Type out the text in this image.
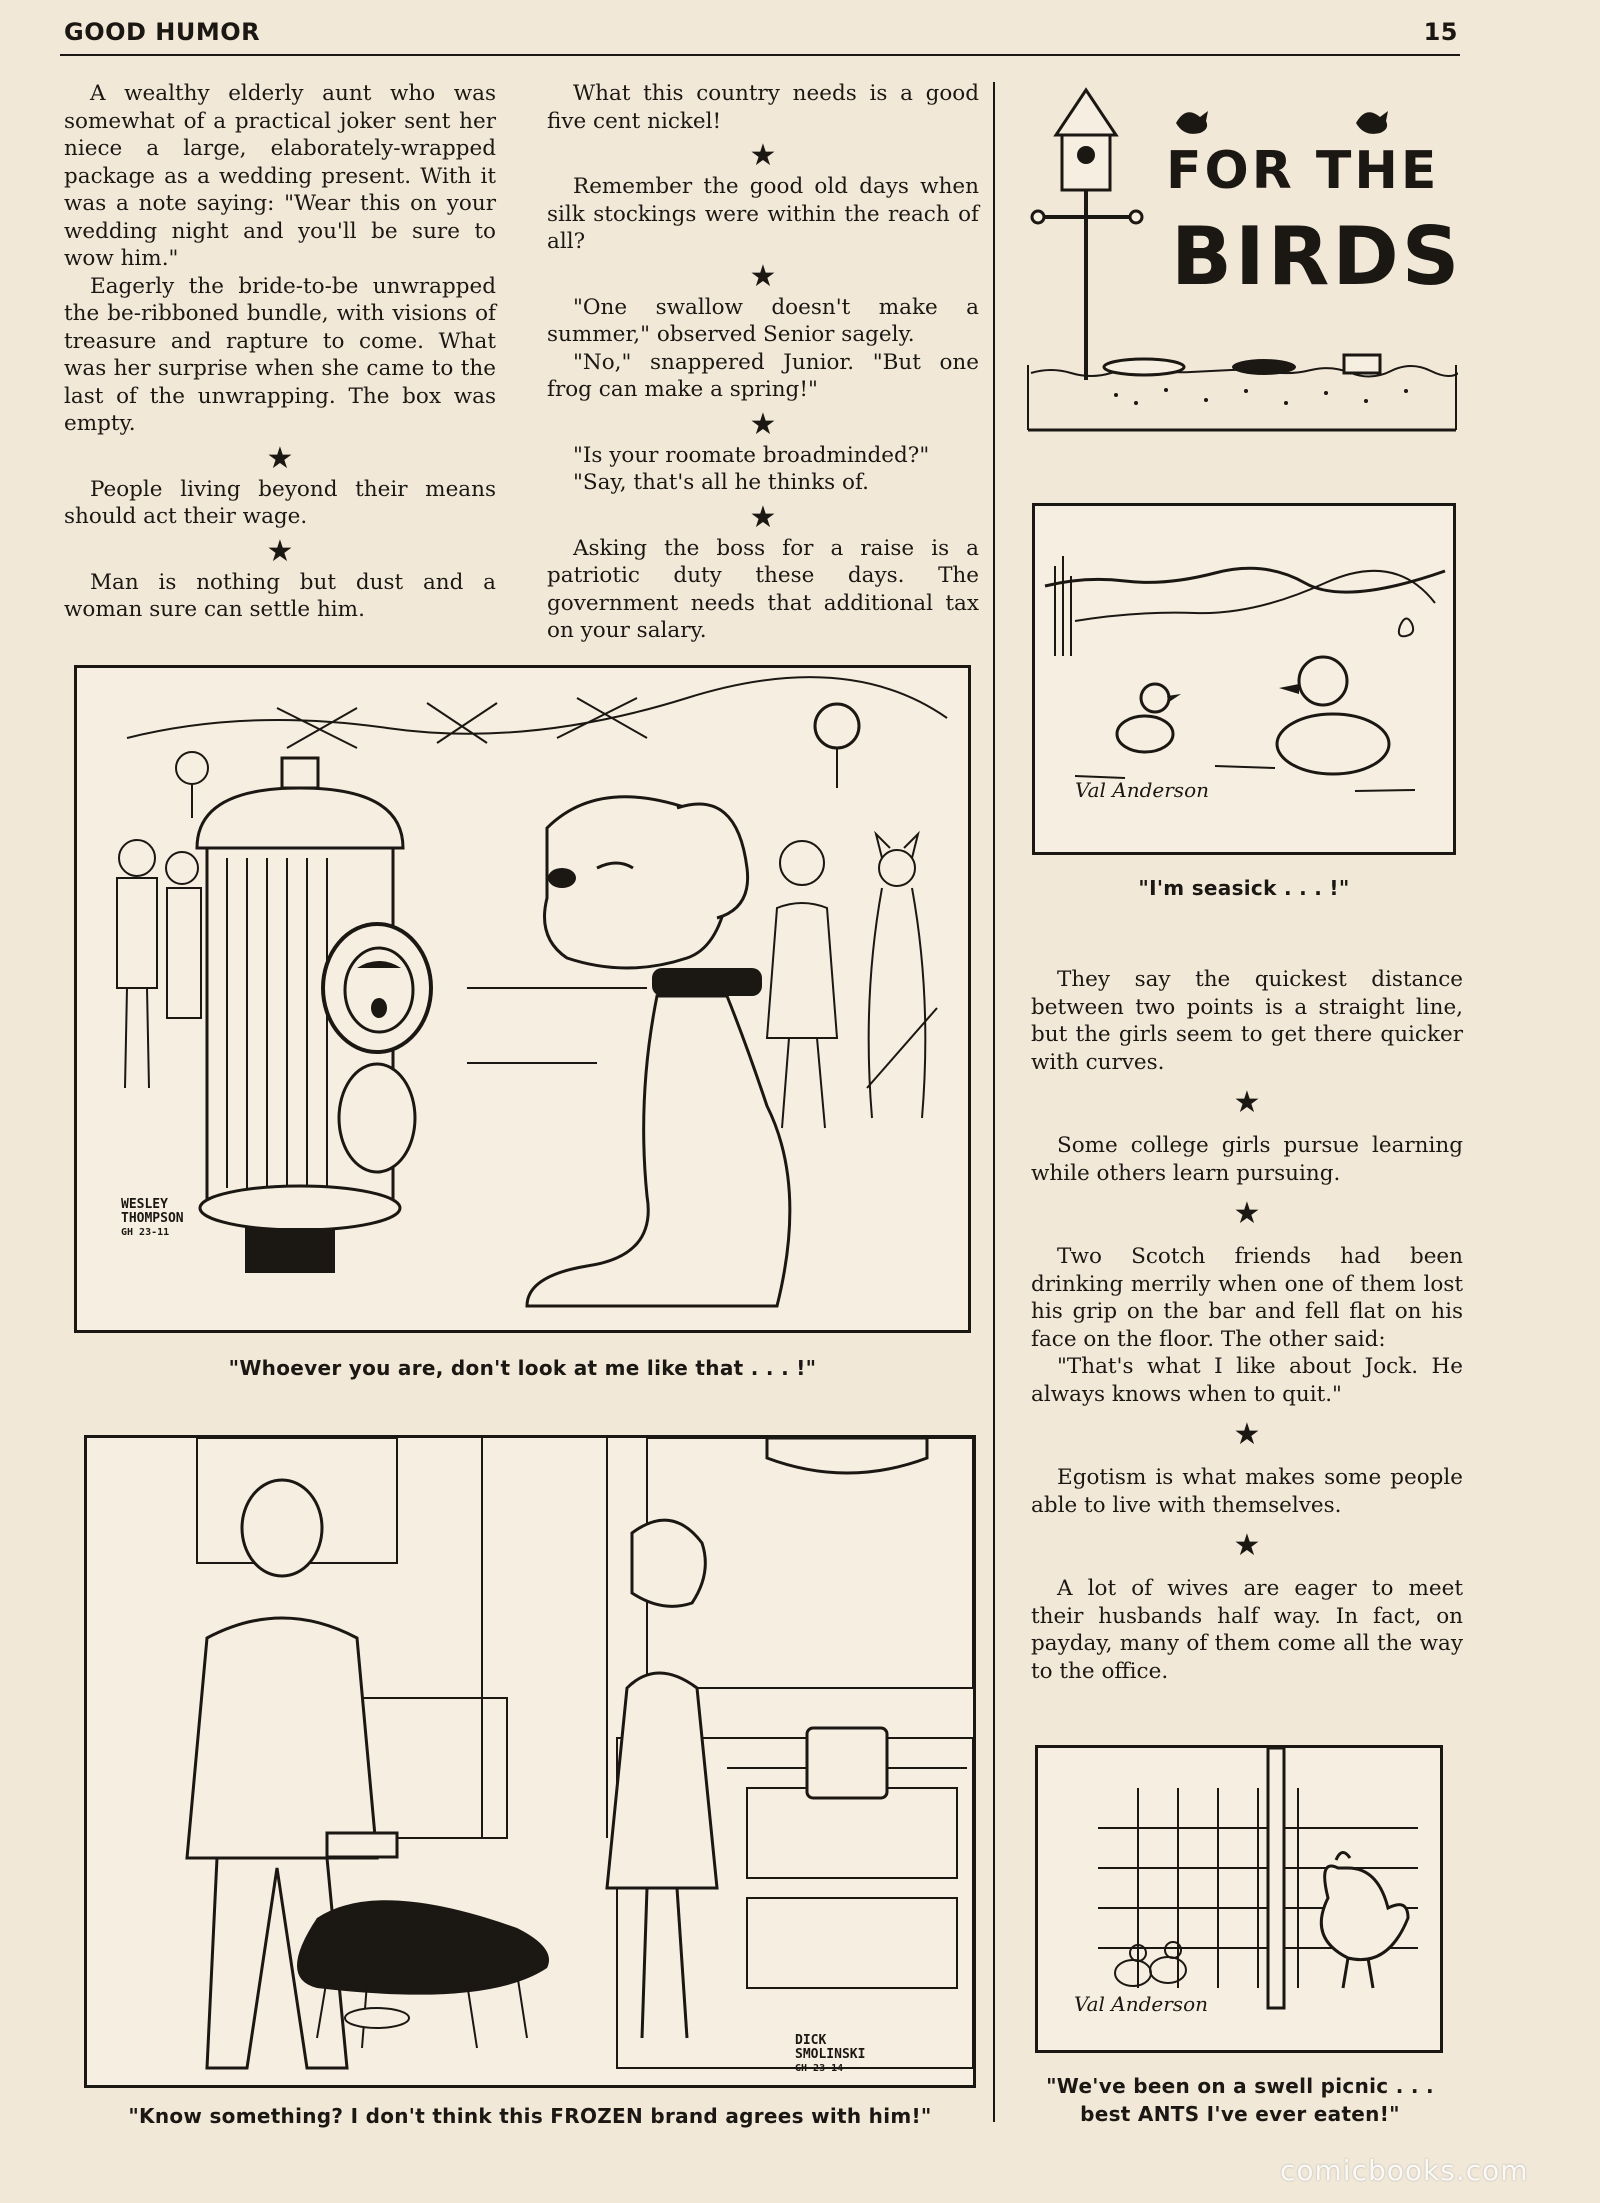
GOOD HUMOR	15

A wealthy elderly aunt who was somewhat of a practical joker sent her niece a large, elaborately-wrapped package as a wedding present. With it was a note saying: "Wear this on your wedding night and you'll be sure to wow him."

Eagerly the bride-to-be unwrapped the be-ribboned bundle, with visions of treasure and rapture to come. What was her surprise when she came to the last of the unwrapping. The box was empty.

★

People living beyond their means should act their wage.

★

Man is nothing but dust and a woman sure can settle him.

What this country needs is a good five cent nickel!

★

Remember the good old days when silk stockings were within the reach of all?

★

"One swallow doesn't make a summer," observed Senior sagely.

"No," snappered Junior. "But one frog can make a spring!"

★

"Is your roomate broadminded?"

"Say, that's all he thinks of.

★

Asking the boss for a raise is a patriotic duty these days. The government needs that additional tax on your salary.

FOR THE
BIRDS
Val Anderson
"I'm seasick . . . !"

They say the quickest distance between two points is a straight line, but the girls seem to get there quicker with curves.

★

Some college girls pursue learning while others learn pursuing.

★

Two Scotch friends had been drinking merrily when one of them lost his grip on the bar and fell flat on his face on the floor. The other said:

"That's what I like about Jock. He always knows when to quit."

★

Egotism is what makes some people able to live with themselves.

★

A lot of wives are eager to meet their husbands half way. In fact, on payday, many of them come all the way to the office.

Val Anderson
"We've been on a swell picnic . . .
best ANTS I've ever eaten!"
WESLEY
THOMPSON
GH 23-11
"Whoever you are, don't look at me like that . . . !"
DICK
SMOLINSKI
GH 23-14
"Know something? I don't think this FROZEN brand agrees with him!"
comicbooks.com
